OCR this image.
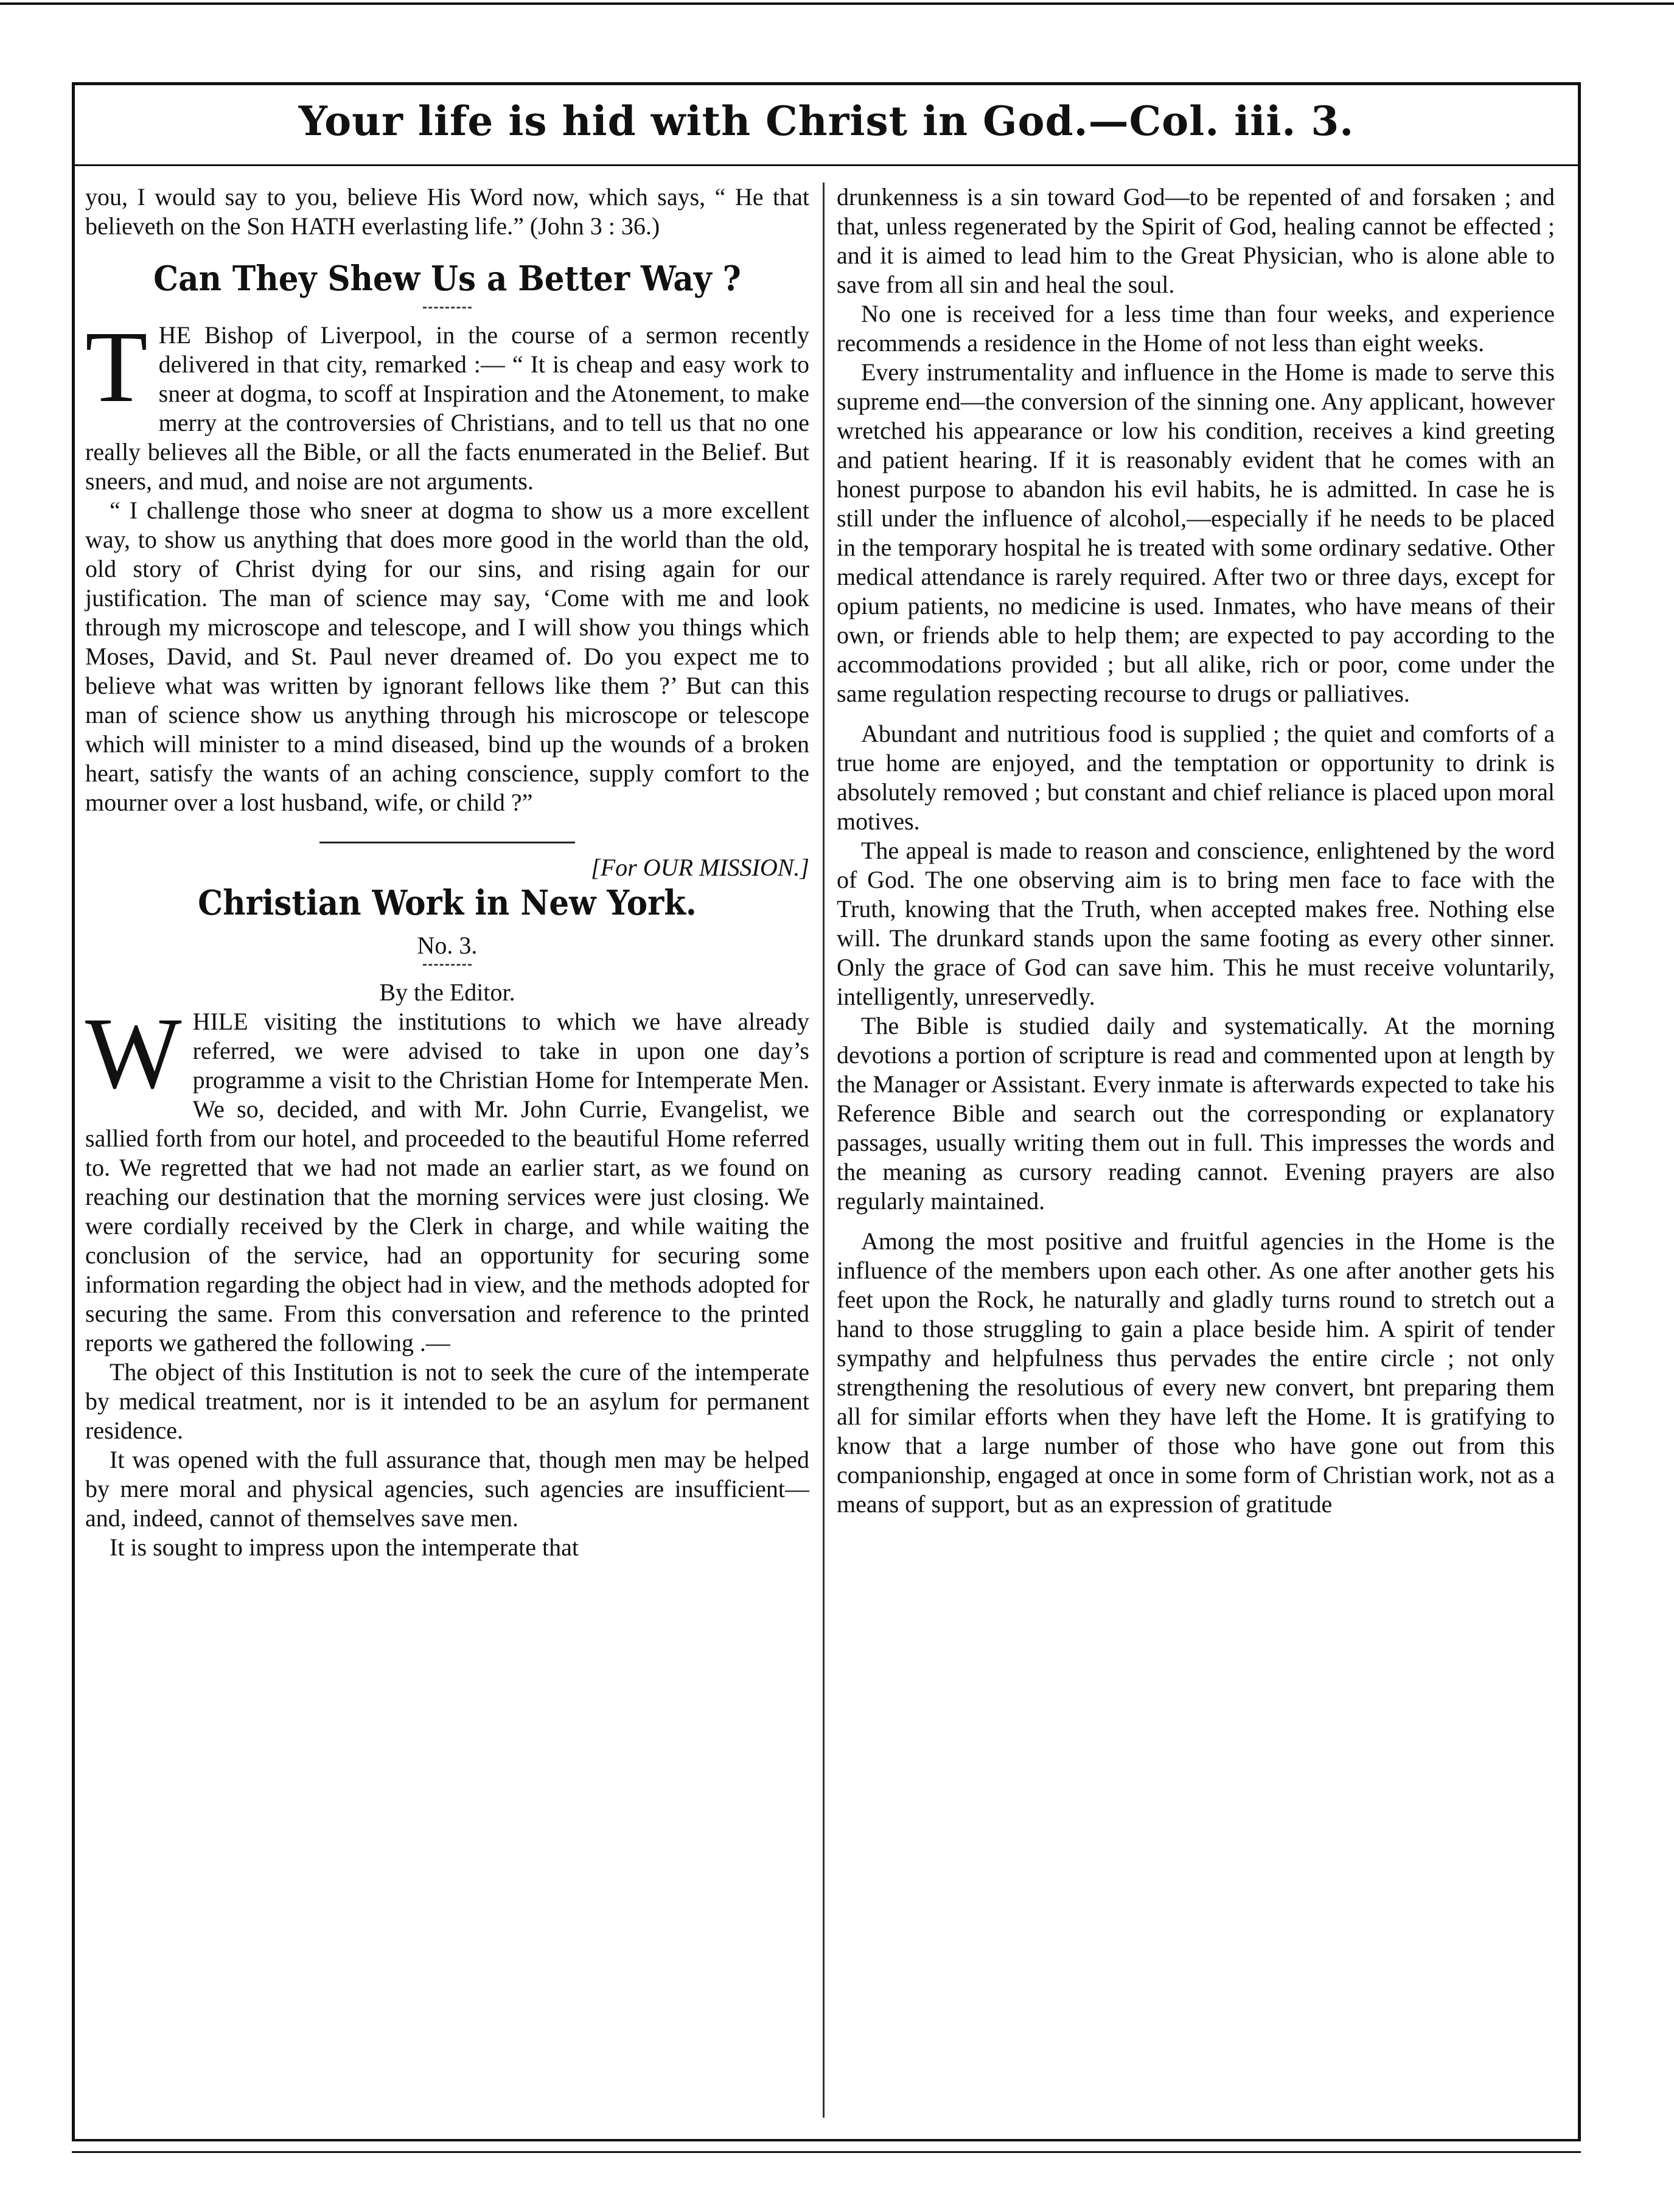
Your life is hid with Christ in God.—Col. iii. 3.

you, I would say to you, believe His Word now, which says, “ He that believeth on the Son HATH everlasting life.” (John 3 : 36.)

Can They Shew Us a Better Way ?

THE Bishop of Liverpool, in the course of a sermon recently delivered in that city, remarked :— “ It is cheap and easy work to sneer at dogma, to scoff at Inspiration and the Atonement, to make merry at the controversies of Christians, and to tell us that no one really believes all the Bible, or all the facts enumerated in the Belief. But sneers, and mud, and noise are not arguments.

“ I challenge those who sneer at dogma to show us a more excellent way, to show us anything that does more good in the world than the old, old story of Christ dying for our sins, and rising again for our justification. The man of science may say, ‘Come with me and look through my microscope and telescope, and I will show you things which Moses, David, and St. Paul never dreamed of. Do you expect me to believe what was written by ignorant fellows like them ?’ But can this man of science show us anything through his microscope or telescope which will minister to a mind diseased, bind up the wounds of a broken heart, satisfy the wants of an aching conscience, supply comfort to the mourner over a lost husband, wife, or child ?”

[For OUR MISSION.]

Christian Work in New York.

No. 3.

By the Editor.

WHILE visiting the institutions to which we have already referred, we were advised to take in upon one day’s programme a visit to the Christian Home for Intemperate Men. We so, decided, and with Mr. John Currie, Evangelist, we sallied forth from our hotel, and proceeded to the beautiful Home referred to. We regretted that we had not made an earlier start, as we found on reaching our destination that the morning services were just closing. We were cordially received by the Clerk in charge, and while waiting the conclusion of the service, had an opportunity for securing some information regarding the object had in view, and the methods adopted for securing the same. From this conversation and reference to the printed reports we gathered the following .—

The object of this Institution is not to seek the cure of the intemperate by medical treatment, nor is it intended to be an asylum for permanent residence.

It was opened with the full assurance that, though men may be helped by mere moral and physical agencies, such agencies are insufficient—and, indeed, cannot of themselves save men.

It is sought to impress upon the intemperate that

drunkenness is a sin toward God—to be repented of and forsaken ; and that, unless regenerated by the Spirit of God, healing cannot be effected ; and it is aimed to lead him to the Great Physician, who is alone able to save from all sin and heal the soul.

No one is received for a less time than four weeks, and experience recommends a residence in the Home of not less than eight weeks.

Every instrumentality and influence in the Home is made to serve this supreme end—the conversion of the sinning one. Any applicant, however wretched his appearance or low his condition, receives a kind greeting and patient hearing. If it is reasonably evident that he comes with an honest purpose to abandon his evil habits, he is admitted. In case he is still under the influence of alcohol,—especially if he needs to be placed in the temporary hospital he is treated with some ordinary sedative. Other medical attendance is rarely required. After two or three days, except for opium patients, no medicine is used. Inmates, who have means of their own, or friends able to help them; are expected to pay according to the accommodations provided ; but all alike, rich or poor, come under the same regulation respecting recourse to drugs or palliatives.

Abundant and nutritious food is supplied ; the quiet and comforts of a true home are enjoyed, and the temptation or opportunity to drink is absolutely removed ; but constant and chief reliance is placed upon moral motives.

The appeal is made to reason and conscience, enlightened by the word of God. The one observing aim is to bring men face to face with the Truth, knowing that the Truth, when accepted makes free. Nothing else will. The drunkard stands upon the same footing as every other sinner. Only the grace of God can save him. This he must receive voluntarily, intelligently, unreservedly.

The Bible is studied daily and systematically. At the morning devotions a portion of scripture is read and commented upon at length by the Manager or Assistant. Every inmate is afterwards expected to take his Reference Bible and search out the corresponding or explanatory passages, usually writing them out in full. This impresses the words and the meaning as cursory reading cannot. Evening prayers are also regularly maintained.

Among the most positive and fruitful agencies in the Home is the influence of the members upon each other. As one after another gets his feet upon the Rock, he naturally and gladly turns round to stretch out a hand to those struggling to gain a place beside him. A spirit of tender sympathy and helpfulness thus pervades the entire circle ; not only strengthening the resolutious of every new convert, bnt preparing them all for similar efforts when they have left the Home. It is gratifying to know that a large number of those who have gone out from this companionship, engaged at once in some form of Christian work, not as a means of support, but as an expression of gratitude
